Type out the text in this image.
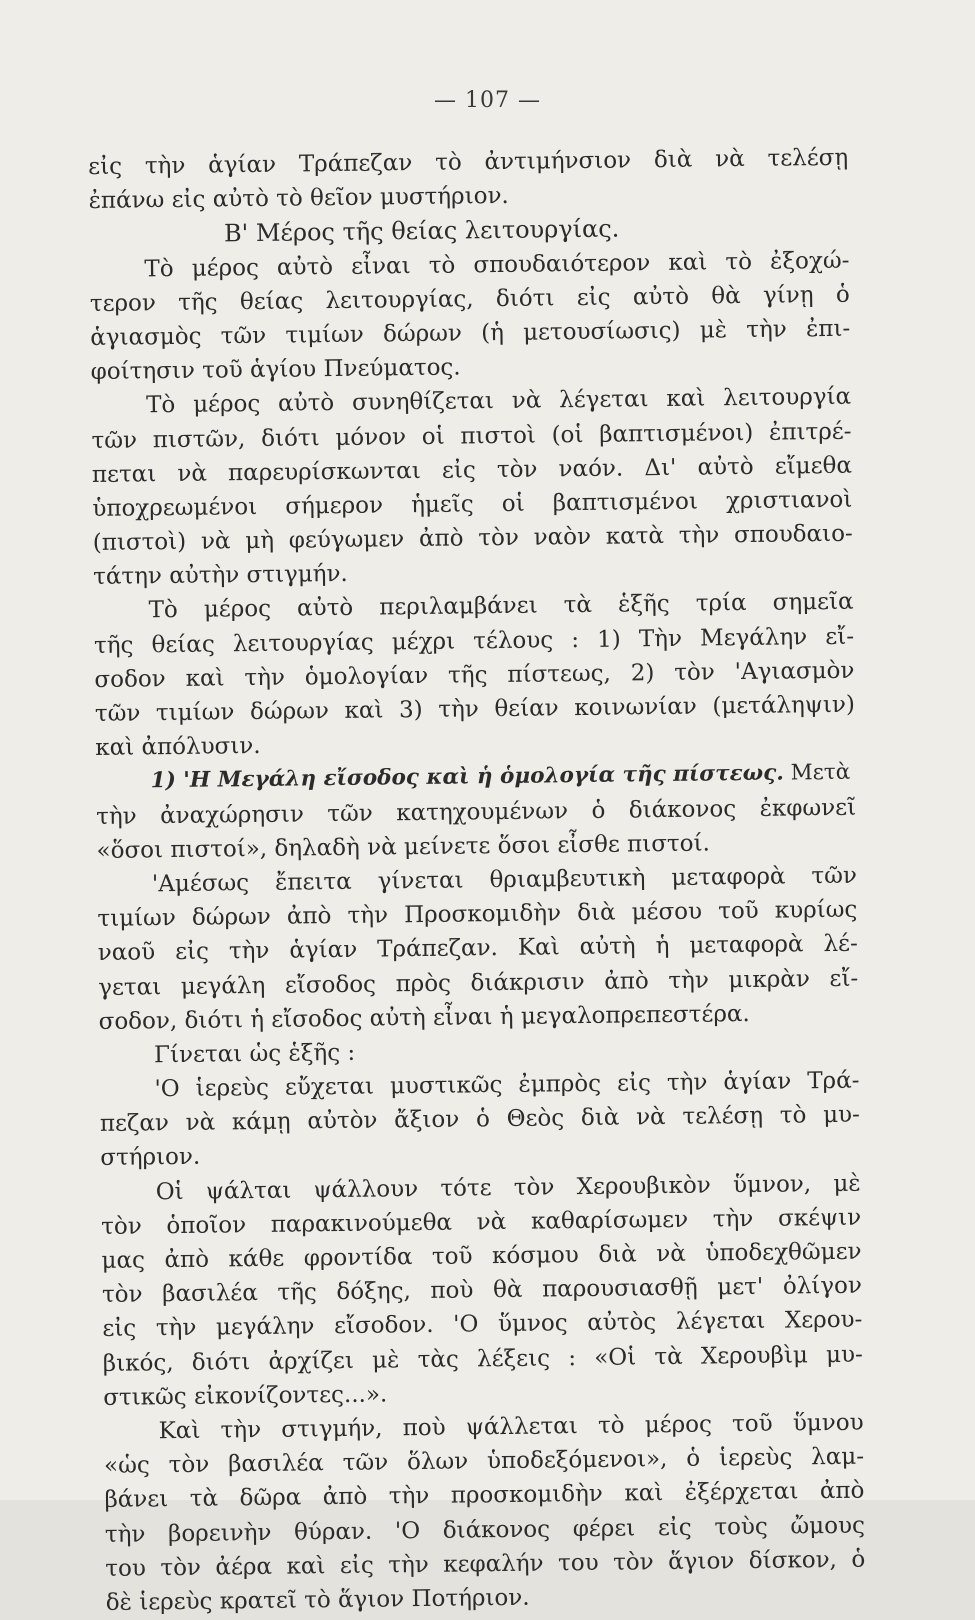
— 107 —
εἰς τὴν ἁγίαν Τράπεζαν τὸ ἀντιμήνσιον διὰ νὰ τελέσῃ
ἐπάνω εἰς αὐτὸ τὸ θεῖον μυστήριον.
Β' Μέρος τῆς θείας λειτουργίας.
Τὸ μέρος αὐτὸ εἶναι τὸ σπουδαιότερον καὶ τὸ ἐξοχώ-
τερον τῆς θείας λειτουργίας, διότι εἰς αὐτὸ θὰ γίνῃ ὁ
ἁγιασμὸς τῶν τιμίων δώρων (ἡ μετουσίωσις) μὲ τὴν ἐπι-
φοίτησιν τοῦ ἁγίου Πνεύματος.
Τὸ μέρος αὐτὸ συνηθίζεται νὰ λέγεται καὶ λειτουργία
τῶν πιστῶν, διότι μόνον οἱ πιστοὶ (οἱ βαπτισμένοι) ἐπιτρέ-
πεται νὰ παρευρίσκωνται εἰς τὸν ναόν. Δι' αὐτὸ εἴμεθα
ὑποχρεωμένοι σήμερον ἡμεῖς οἱ βαπτισμένοι χριστιανοὶ
(πιστοὶ) νὰ μὴ φεύγωμεν ἀπὸ τὸν ναὸν κατὰ τὴν σπουδαιο-
τάτην αὐτὴν στιγμήν.
Τὸ μέρος αὐτὸ περιλαμβάνει τὰ ἑξῆς τρία σημεῖα
τῆς θείας λειτουργίας μέχρι τέλους : 1) Τὴν Μεγάλην εἴ-
σοδον καὶ τὴν ὁμολογίαν τῆς πίστεως, 2) τὸν 'Αγιασμὸν
τῶν τιμίων δώρων καὶ 3) τὴν θείαν κοινωνίαν (μετάληψιν)
καὶ ἀπόλυσιν.
1) 'Η Μεγάλη εἴσοδος καὶ ἡ ὁμολογία τῆς πίστεως. Μετὰ
τὴν ἀναχώρησιν τῶν κατηχουμένων ὁ διάκονος ἐκφωνεῖ
«ὅσοι πιστοί», δηλαδὴ νὰ μείνετε ὅσοι εἶσθε πιστοί.
'Αμέσως ἔπειτα γίνεται θριαμβευτικὴ μεταφορὰ τῶν
τιμίων δώρων ἀπὸ τὴν Προσκομιδὴν διὰ μέσου τοῦ κυρίως
ναοῦ εἰς τὴν ἁγίαν Τράπεζαν. Καὶ αὐτὴ ἡ μεταφορὰ λέ-
γεται μεγάλη εἴσοδος πρὸς διάκρισιν ἀπὸ τὴν μικρὰν εἴ-
σοδον, διότι ἡ εἴσοδος αὐτὴ εἶναι ἡ μεγαλοπρεπεστέρα.
Γίνεται ὡς ἑξῆς :
'Ο ἱερεὺς εὔχεται μυστικῶς ἐμπρὸς εἰς τὴν ἁγίαν Τρά-
πεζαν νὰ κάμῃ αὐτὸν ἄξιον ὁ Θεὸς διὰ νὰ τελέσῃ τὸ μυ-
στήριον.
Οἱ ψάλται ψάλλουν τότε τὸν Χερουβικὸν ὕμνον, μὲ
τὸν ὁποῖον παρακινούμεθα νὰ καθαρίσωμεν τὴν σκέψιν
μας ἀπὸ κάθε φροντίδα τοῦ κόσμου διὰ νὰ ὑποδεχθῶμεν
τὸν βασιλέα τῆς δόξης, ποὺ θὰ παρουσιασθῇ μετ' ὀλίγον
εἰς τὴν μεγάλην εἴσοδον. 'Ο ὕμνος αὐτὸς λέγεται Χερου-
βικός, διότι ἀρχίζει μὲ τὰς λέξεις : «Οἱ τὰ Χερουβὶμ μυ-
στικῶς εἰκονίζοντες...».
Καὶ τὴν στιγμήν, ποὺ ψάλλεται τὸ μέρος τοῦ ὕμνου
«ὡς τὸν βασιλέα τῶν ὅλων ὑποδεξόμενοι», ὁ ἱερεὺς λαμ-
βάνει τὰ δῶρα ἀπὸ τὴν προσκομιδὴν καὶ ἐξέρχεται ἀπὸ
τὴν βορεινὴν θύραν. 'Ο διάκονος φέρει εἰς τοὺς ὤμους
του τὸν ἀέρα καὶ εἰς τὴν κεφαλήν του τὸν ἅγιον δίσκον, ὁ
δὲ ἱερεὺς κρατεῖ τὸ ἅγιον Ποτήριον.
